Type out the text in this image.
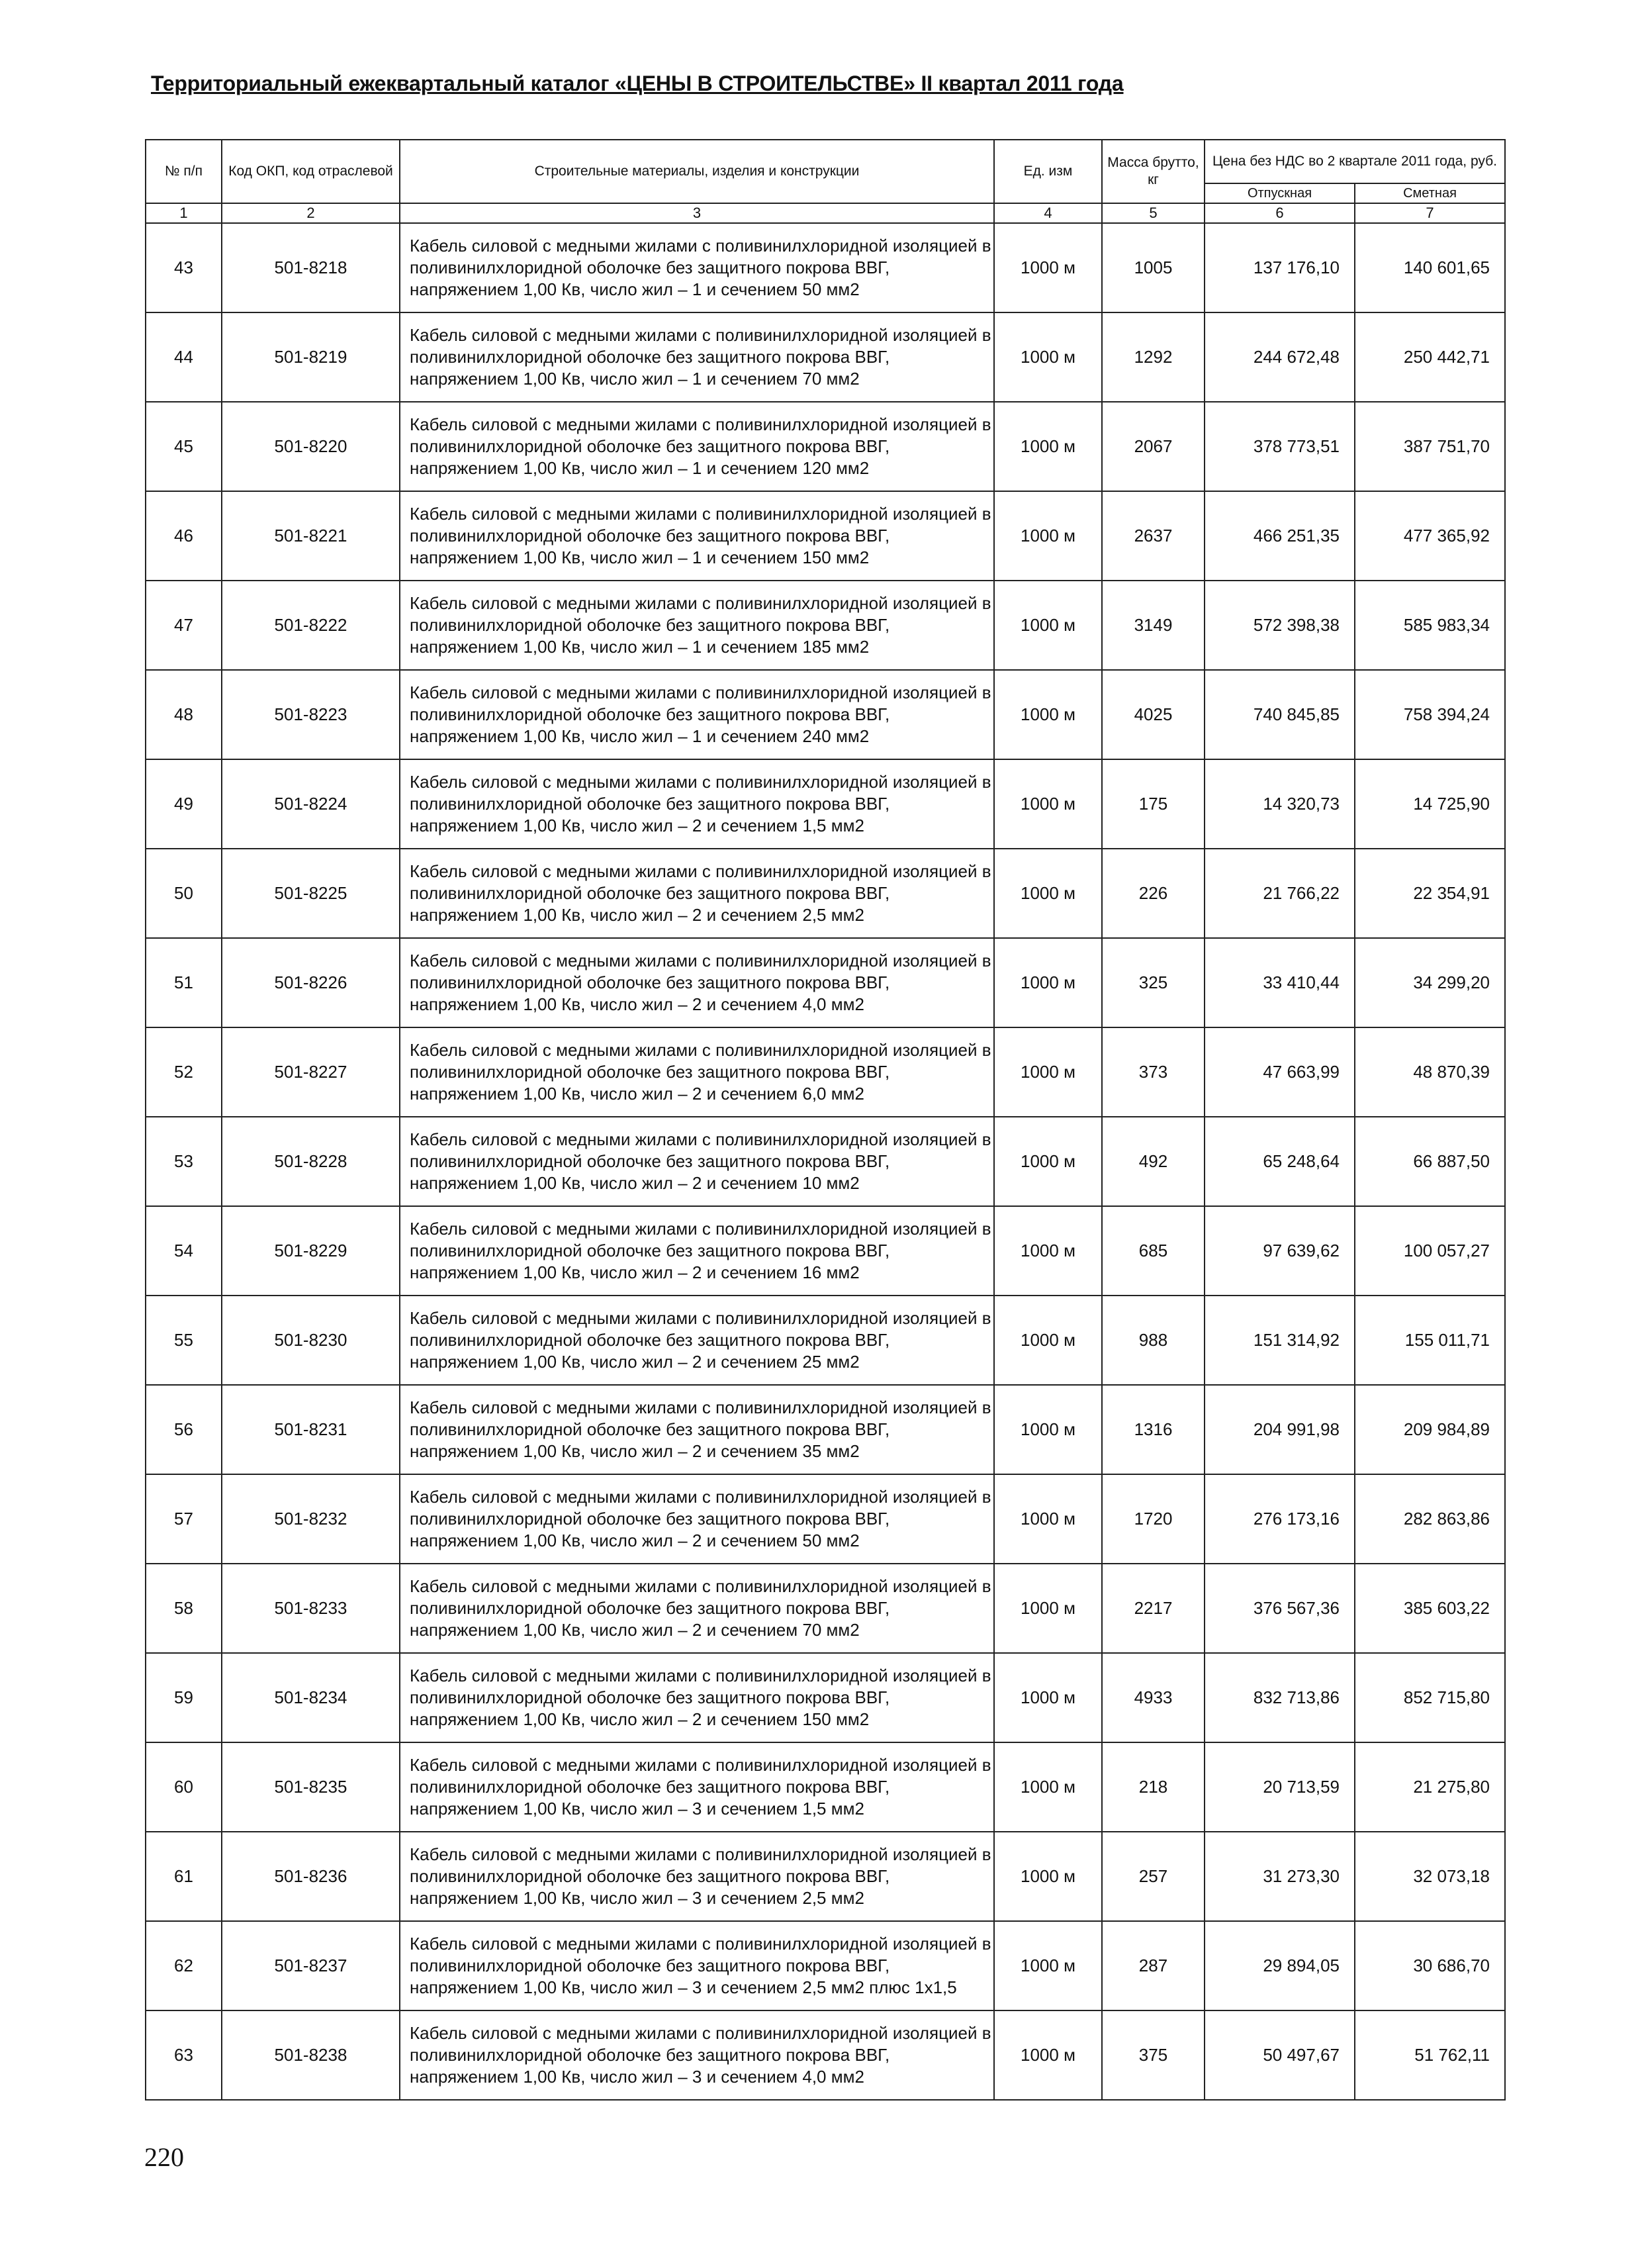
Территориальный ежеквартальный каталог «ЦЕНЫ В СТРОИТЕЛЬСТВЕ» II квартал 2011 года
№ п/п	Код ОКП, код отраслевой	Строительные материалы, изделия и конструкции	Ед. изм	Масса брутто, кг	Цена без НДС во 2 квартале 2011 года, руб.	
					Отпускная	Сметная
1	2	3	4	5	6	7
43	501-8218	Кабель силовой с медными жилами с поливинилхлоридной изоляцией в поливинилхлоридной оболочке без защитного покрова ВВГ, напряжением 1,00 Кв, число жил – 1 и сечением 50 мм2	1000 м	1005	137 176,10	140 601,65
44	501-8219	Кабель силовой с медными жилами с поливинилхлоридной изоляцией в поливинилхлоридной оболочке без защитного покрова ВВГ, напряжением 1,00 Кв, число жил – 1 и сечением 70 мм2	1000 м	1292	244 672,48	250 442,71
45	501-8220	Кабель силовой с медными жилами с поливинилхлоридной изоляцией в поливинилхлоридной оболочке без защитного покрова ВВГ, напряжением 1,00 Кв, число жил – 1 и сечением 120 мм2	1000 м	2067	378 773,51	387 751,70
46	501-8221	Кабель силовой с медными жилами с поливинилхлоридной изоляцией в поливинилхлоридной оболочке без защитного покрова ВВГ, напряжением 1,00 Кв, число жил – 1 и сечением 150 мм2	1000 м	2637	466 251,35	477 365,92
47	501-8222	Кабель силовой с медными жилами с поливинилхлоридной изоляцией в поливинилхлоридной оболочке без защитного покрова ВВГ, напряжением 1,00 Кв, число жил – 1 и сечением 185 мм2	1000 м	3149	572 398,38	585 983,34
48	501-8223	Кабель силовой с медными жилами с поливинилхлоридной изоляцией в поливинилхлоридной оболочке без защитного покрова ВВГ, напряжением 1,00 Кв, число жил – 1 и сечением 240 мм2	1000 м	4025	740 845,85	758 394,24
49	501-8224	Кабель силовой с медными жилами с поливинилхлоридной изоляцией в поливинилхлоридной оболочке без защитного покрова ВВГ, напряжением 1,00 Кв, число жил – 2 и сечением 1,5 мм2	1000 м	175	14 320,73	14 725,90
50	501-8225	Кабель силовой с медными жилами с поливинилхлоридной изоляцией в поливинилхлоридной оболочке без защитного покрова ВВГ, напряжением 1,00 Кв, число жил – 2 и сечением 2,5 мм2	1000 м	226	21 766,22	22 354,91
51	501-8226	Кабель силовой с медными жилами с поливинилхлоридной изоляцией в поливинилхлоридной оболочке без защитного покрова ВВГ, напряжением 1,00 Кв, число жил – 2 и сечением 4,0 мм2	1000 м	325	33 410,44	34 299,20
52	501-8227	Кабель силовой с медными жилами с поливинилхлоридной изоляцией в поливинилхлоридной оболочке без защитного покрова ВВГ, напряжением 1,00 Кв, число жил – 2 и сечением 6,0 мм2	1000 м	373	47 663,99	48 870,39
53	501-8228	Кабель силовой с медными жилами с поливинилхлоридной изоляцией в поливинилхлоридной оболочке без защитного покрова ВВГ, напряжением 1,00 Кв, число жил – 2 и сечением 10 мм2	1000 м	492	65 248,64	66 887,50
54	501-8229	Кабель силовой с медными жилами с поливинилхлоридной изоляцией в поливинилхлоридной оболочке без защитного покрова ВВГ, напряжением 1,00 Кв, число жил – 2 и сечением 16 мм2	1000 м	685	97 639,62	100 057,27
55	501-8230	Кабель силовой с медными жилами с поливинилхлоридной изоляцией в поливинилхлоридной оболочке без защитного покрова ВВГ, напряжением 1,00 Кв, число жил – 2 и сечением 25 мм2	1000 м	988	151 314,92	155 011,71
56	501-8231	Кабель силовой с медными жилами с поливинилхлоридной изоляцией в поливинилхлоридной оболочке без защитного покрова ВВГ, напряжением 1,00 Кв, число жил – 2 и сечением 35 мм2	1000 м	1316	204 991,98	209 984,89
57	501-8232	Кабель силовой с медными жилами с поливинилхлоридной изоляцией в поливинилхлоридной оболочке без защитного покрова ВВГ, напряжением 1,00 Кв, число жил – 2 и сечением 50 мм2	1000 м	1720	276 173,16	282 863,86
58	501-8233	Кабель силовой с медными жилами с поливинилхлоридной изоляцией в поливинилхлоридной оболочке без защитного покрова ВВГ, напряжением 1,00 Кв, число жил – 2 и сечением 70 мм2	1000 м	2217	376 567,36	385 603,22
59	501-8234	Кабель силовой с медными жилами с поливинилхлоридной изоляцией в поливинилхлоридной оболочке без защитного покрова ВВГ, напряжением 1,00 Кв, число жил – 2 и сечением 150 мм2	1000 м	4933	832 713,86	852 715,80
60	501-8235	Кабель силовой с медными жилами с поливинилхлоридной изоляцией в поливинилхлоридной оболочке без защитного покрова ВВГ, напряжением 1,00 Кв, число жил – 3 и сечением 1,5 мм2	1000 м	218	20 713,59	21 275,80
61	501-8236	Кабель силовой с медными жилами с поливинилхлоридной изоляцией в поливинилхлоридной оболочке без защитного покрова ВВГ, напряжением 1,00 Кв, число жил – 3 и сечением 2,5 мм2	1000 м	257	31 273,30	32 073,18
62	501-8237	Кабель силовой с медными жилами с поливинилхлоридной изоляцией в поливинилхлоридной оболочке без защитного покрова ВВГ, напряжением 1,00 Кв, число жил – 3 и сечением 2,5 мм2 плюс 1х1,5	1000 м	287	29 894,05	30 686,70
63	501-8238	Кабель силовой с медными жилами с поливинилхлоридной изоляцией в поливинилхлоридной оболочке без защитного покрова ВВГ, напряжением 1,00 Кв, число жил – 3 и сечением 4,0 мм2	1000 м	375	50 497,67	51 762,11
220
